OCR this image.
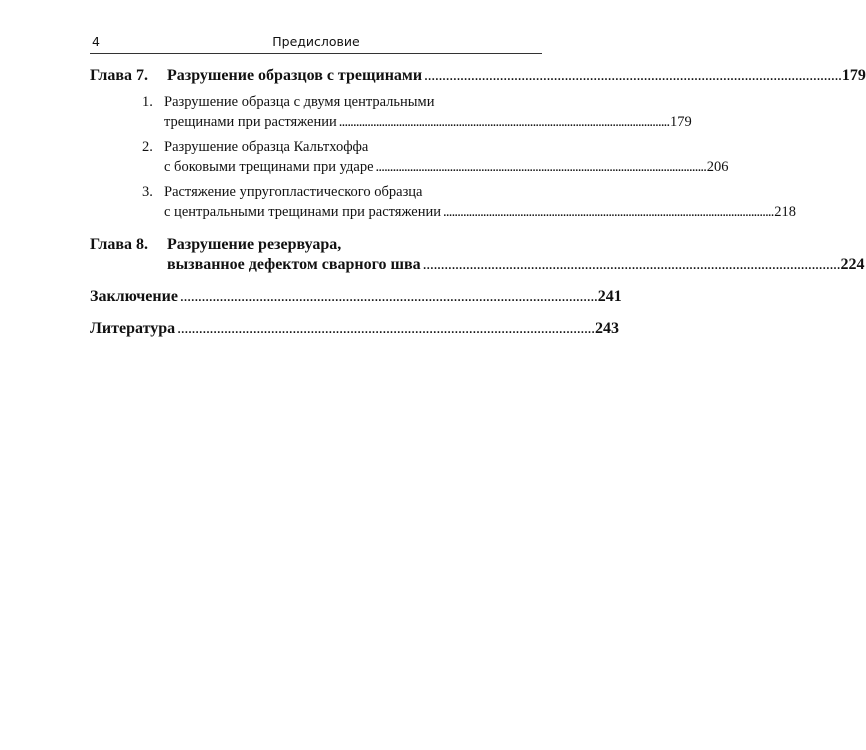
4	Предисловие
Глава 7.	Разрушение образцов с трещинами . . .	179
1. Разрушение образца с двумя центральными
трещинами при растяжении . . .	179
2. Разрушение образца Кальтхоффа
с боковыми трещинами при ударе . . .	206
3. Растяжение упругопластического образца
с центральными трещинами при растяжении . . .	218
Глава 8.	Разрушение резервуара,
вызванное дефектом сварного шва . . .	224
Заключение . . .	241
Литература . . .	243
